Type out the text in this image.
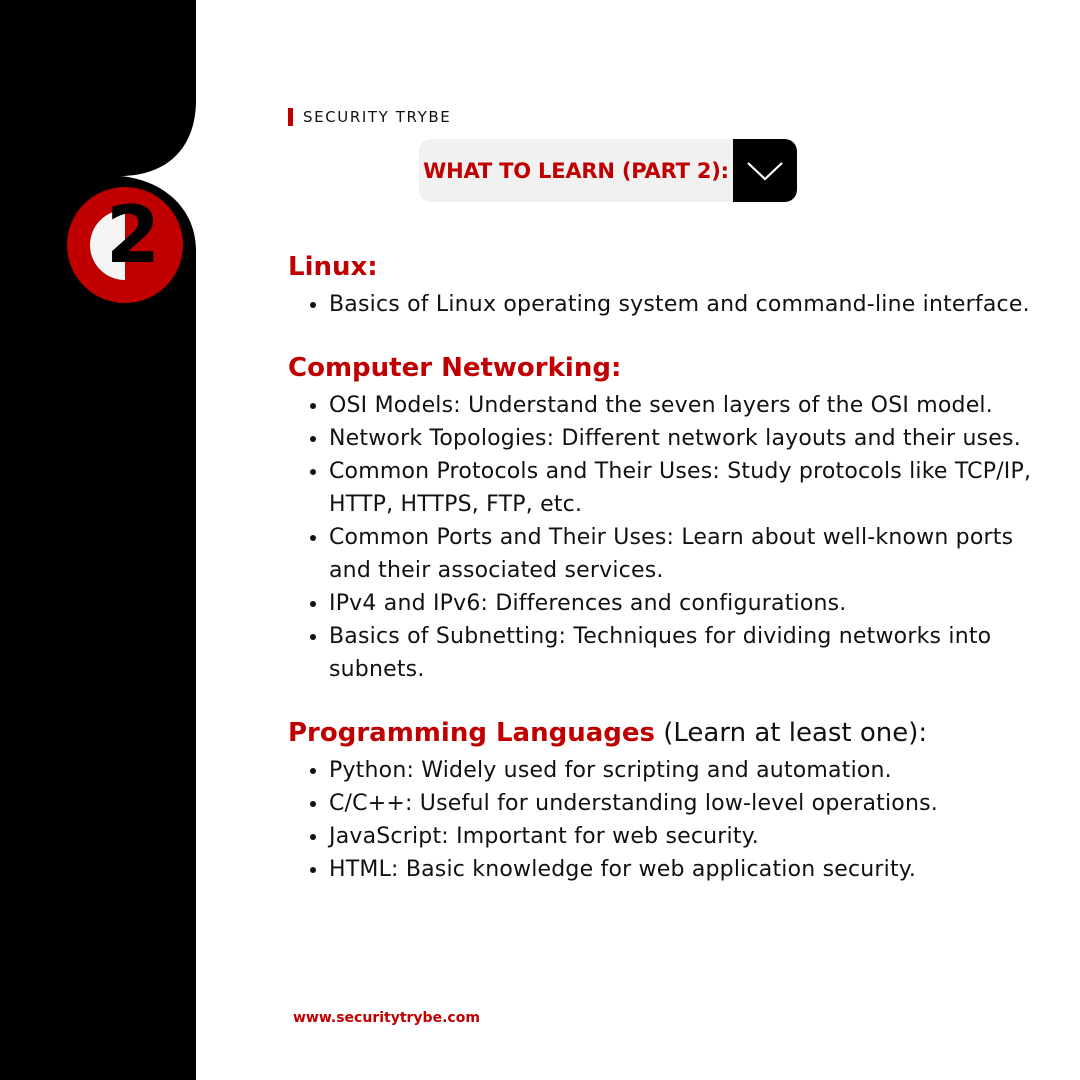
2
SECURITY TRYBE
WHAT TO LEARN (PART 2):
Linux:
• Basics of Linux operating system and command-line interface.
Computer Networking:
• OSI Models: Understand the seven layers of the OSI model.
• Network Topologies: Different network layouts and their uses.
• Common Protocols and Their Uses: Study protocols like TCP/IP, HTTP, HTTPS, FTP, etc.
• Common Ports and Their Uses: Learn about well-known ports and their associated services.
• IPv4 and IPv6: Differences and configurations.
• Basics of Subnetting: Techniques for dividing networks into subnets.
Programming Languages (Learn at least one):
• Python: Widely used for scripting and automation.
• C/C++: Useful for understanding low-level operations.
• JavaScript: Important for web security.
• HTML: Basic knowledge for web application security.
www.securitytrybe.com
